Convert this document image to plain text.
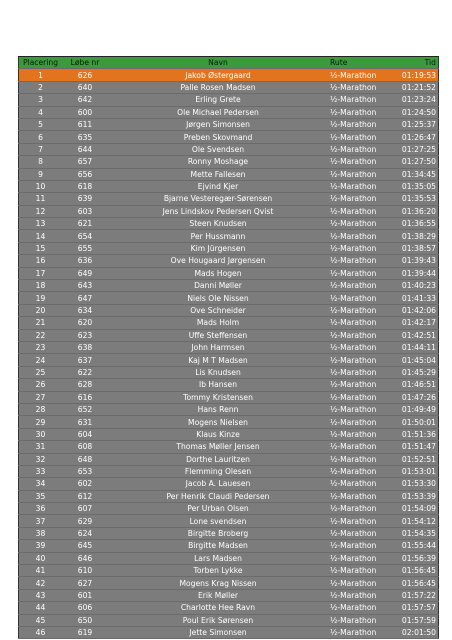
Placering	Løbe nr	Navn	Rute	Tid
1	626	Jakob Østergaard	½-Marathon	01:19:53
2	640	Palle Rosen Madsen	½-Marathon	01:21:52
3	642	Erling Grete	½-Marathon	01:23:24
4	600	Ole Michael Pedersen	½-Marathon	01:24:50
5	611	Jørgen Simonsen	½-Marathon	01:25:37
6	635	Preben Skovmand	½-Marathon	01:26:47
7	644	Ole Svendsen	½-Marathon	01:27:25
8	657	Ronny Moshage	½-Marathon	01:27:50
9	656	Mette Fallesen	½-Marathon	01:34:45
10	618	Ejvind Kjer	½-Marathon	01:35:05
11	639	Bjarne Vesteregær-Sørensen	½-Marathon	01:35:53
12	603	Jens Lindskov Pedersen Qvist	½-Marathon	01:36:20
13	621	Steen Knudsen	½-Marathon	01:36:55
14	654	Per Hussmann	½-Marathon	01:38:29
15	655	Kim Jürgensen	½-Marathon	01:38:57
16	636	Ove Hougaard Jørgensen	½-Marathon	01:39:43
17	649	Mads Hogen	½-Marathon	01:39:44
18	643	Danni Møller	½-Marathon	01:40:23
19	647	Niels Ole Nissen	½-Marathon	01:41:33
20	634	Ove Schneider	½-Marathon	01:42:06
21	620	Mads Holm	½-Marathon	01:42:17
22	623	Uffe Steffensen	½-Marathon	01:42:51
23	638	John Harmsen	½-Marathon	01:44:11
24	637	Kaj M T Madsen	½-Marathon	01:45:04
25	622	Lis Knudsen	½-Marathon	01:45:29
26	628	Ib Hansen	½-Marathon	01:46:51
27	616	Tommy Kristensen	½-Marathon	01:47:26
28	652	Hans Renn	½-Marathon	01:49:49
29	631	Mogens Nielsen	½-Marathon	01:50:01
30	604	Klaus Kinze	½-Marathon	01:51:36
31	608	Thomas Møller Jensen	½-Marathon	01:51:47
32	648	Dorthe Lauritzen	½-Marathon	01:52:51
33	653	Flemming Olesen	½-Marathon	01:53:01
34	602	Jacob A. Lauesen	½-Marathon	01:53:30
35	612	Per Henrik Claudi Pedersen	½-Marathon	01:53:39
36	607	Per Urban Olsen	½-Marathon	01:54:09
37	629	Lone svendsen	½-Marathon	01:54:12
38	624	Birgitte Broberg	½-Marathon	01:54:35
39	645	Birgitte Madsen	½-Marathon	01:55:44
40	646	Lars Madsen	½-Marathon	01:56:39
41	610	Torben Lykke	½-Marathon	01:56:45
42	627	Mogens Krag Nissen	½-Marathon	01:56:45
43	601	Erik Møller	½-Marathon	01:57:22
44	606	Charlotte Hee Ravn	½-Marathon	01:57:57
45	650	Poul Erik Sørensen	½-Marathon	01:57:59
46	619	Jette Simonsen	½-Marathon	02:01:50
